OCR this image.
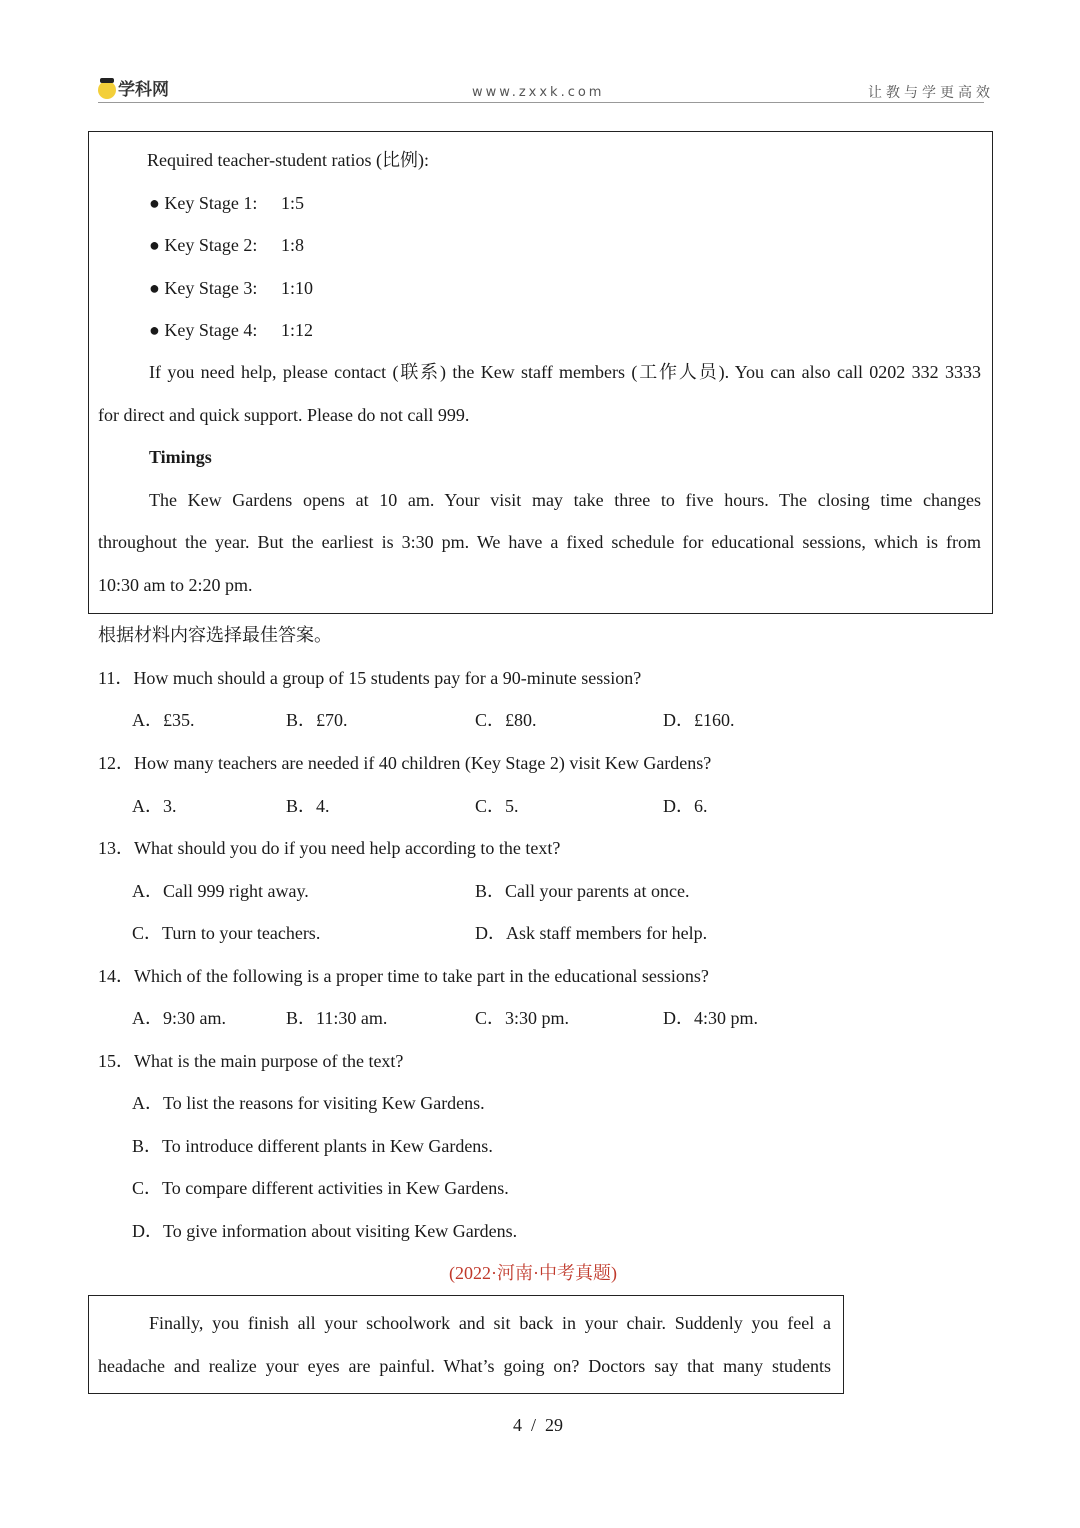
学科网	www.zxxk.com	让教与学更高效
Required teacher-student ratios (比例):
● Key Stage 1: 1:5
● Key Stage 2: 1:8
● Key Stage 3: 1:10
● Key Stage 4: 1:12
If you need help, please contact (联系) the Kew staff members (工作人员). You can also call 0202 332 3333
for direct and quick support. Please do not call 999.
Timings
The Kew Gardens opens at 10 am. Your visit may take three to five hours. The closing time changes
throughout the year. But the earliest is 3:30 pm. We have a fixed schedule for educational sessions, which is from
10:30 am to 2:20 pm.
根据材料内容选择最佳答案。
11．How much should a group of 15 students pay for a 90-minute session?
A．£35.	B．£70.	C．£80.	D．£160.
12．How many teachers are needed if 40 children (Key Stage 2) visit Kew Gardens?
A．3.	B．4.	C．5.	D．6.
13．What should you do if you need help according to the text?
A．Call 999 right away.	B．Call your parents at once.
C．Turn to your teachers.	D．Ask staff members for help.
14．Which of the following is a proper time to take part in the educational sessions?
A．9:30 am.	B．11:30 am.	C．3:30 pm.	D．4:30 pm.
15．What is the main purpose of the text?
A．To list the reasons for visiting Kew Gardens.
B．To introduce different plants in Kew Gardens.
C．To compare different activities in Kew Gardens.
D．To give information about visiting Kew Gardens.
(2022·河南·中考真题)
Finally, you finish all your schoolwork and sit back in your chair. Suddenly you feel a
headache and realize your eyes are painful. What’s going on? Doctors say that many students
4  /  29
